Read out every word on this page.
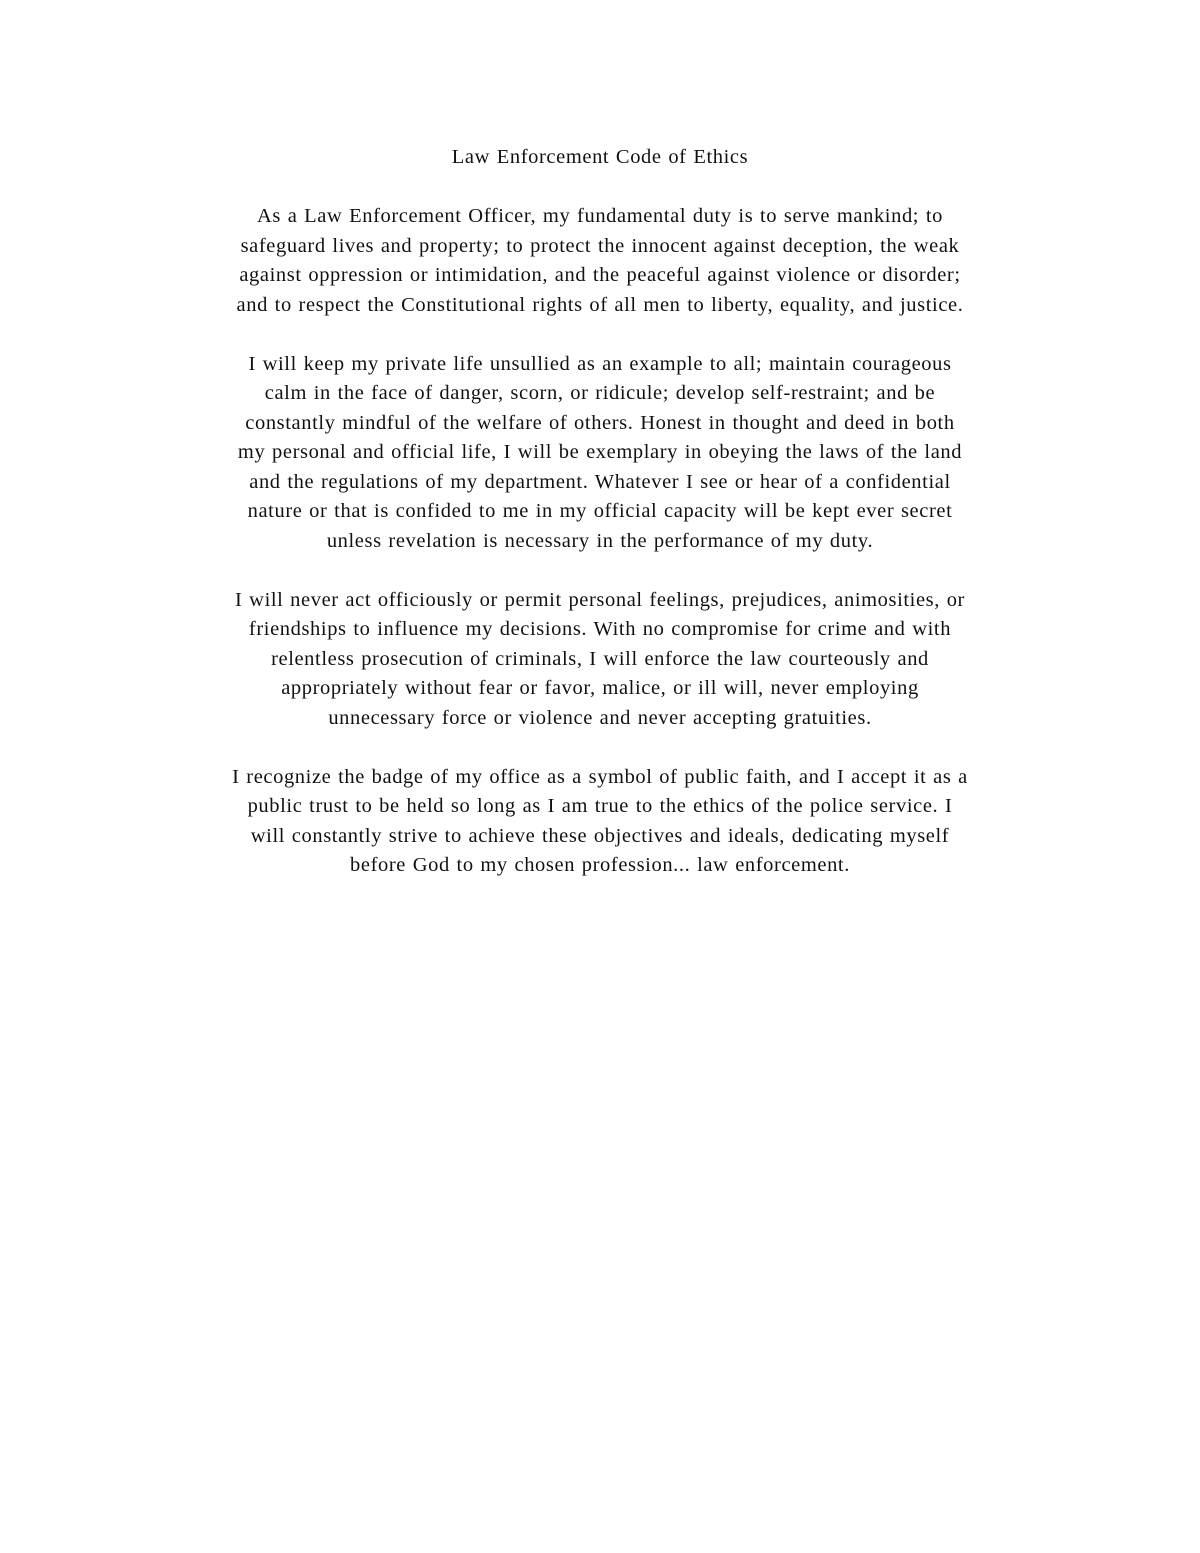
Law Enforcement Code of Ethics

As a Law Enforcement Officer, my fundamental duty is to serve mankind; to
safeguard lives and property; to protect the innocent against deception, the weak
against oppression or intimidation, and the peaceful against violence or disorder;
and to respect the Constitutional rights of all men to liberty, equality, and justice.

I will keep my private life unsullied as an example to all; maintain courageous
calm in the face of danger, scorn, or ridicule; develop self-restraint; and be
constantly mindful of the welfare of others. Honest in thought and deed in both
my personal and official life, I will be exemplary in obeying the laws of the land
and the regulations of my department. Whatever I see or hear of a confidential
nature or that is confided to me in my official capacity will be kept ever secret
unless revelation is necessary in the performance of my duty.

I will never act officiously or permit personal feelings, prejudices, animosities, or
friendships to influence my decisions. With no compromise for crime and with
relentless prosecution of criminals, I will enforce the law courteously and
appropriately without fear or favor, malice, or ill will, never employing
unnecessary force or violence and never accepting gratuities.

I recognize the badge of my office as a symbol of public faith, and I accept it as a
public trust to be held so long as I am true to the ethics of the police service. I
will constantly strive to achieve these objectives and ideals, dedicating myself
before God to my chosen profession... law enforcement.
